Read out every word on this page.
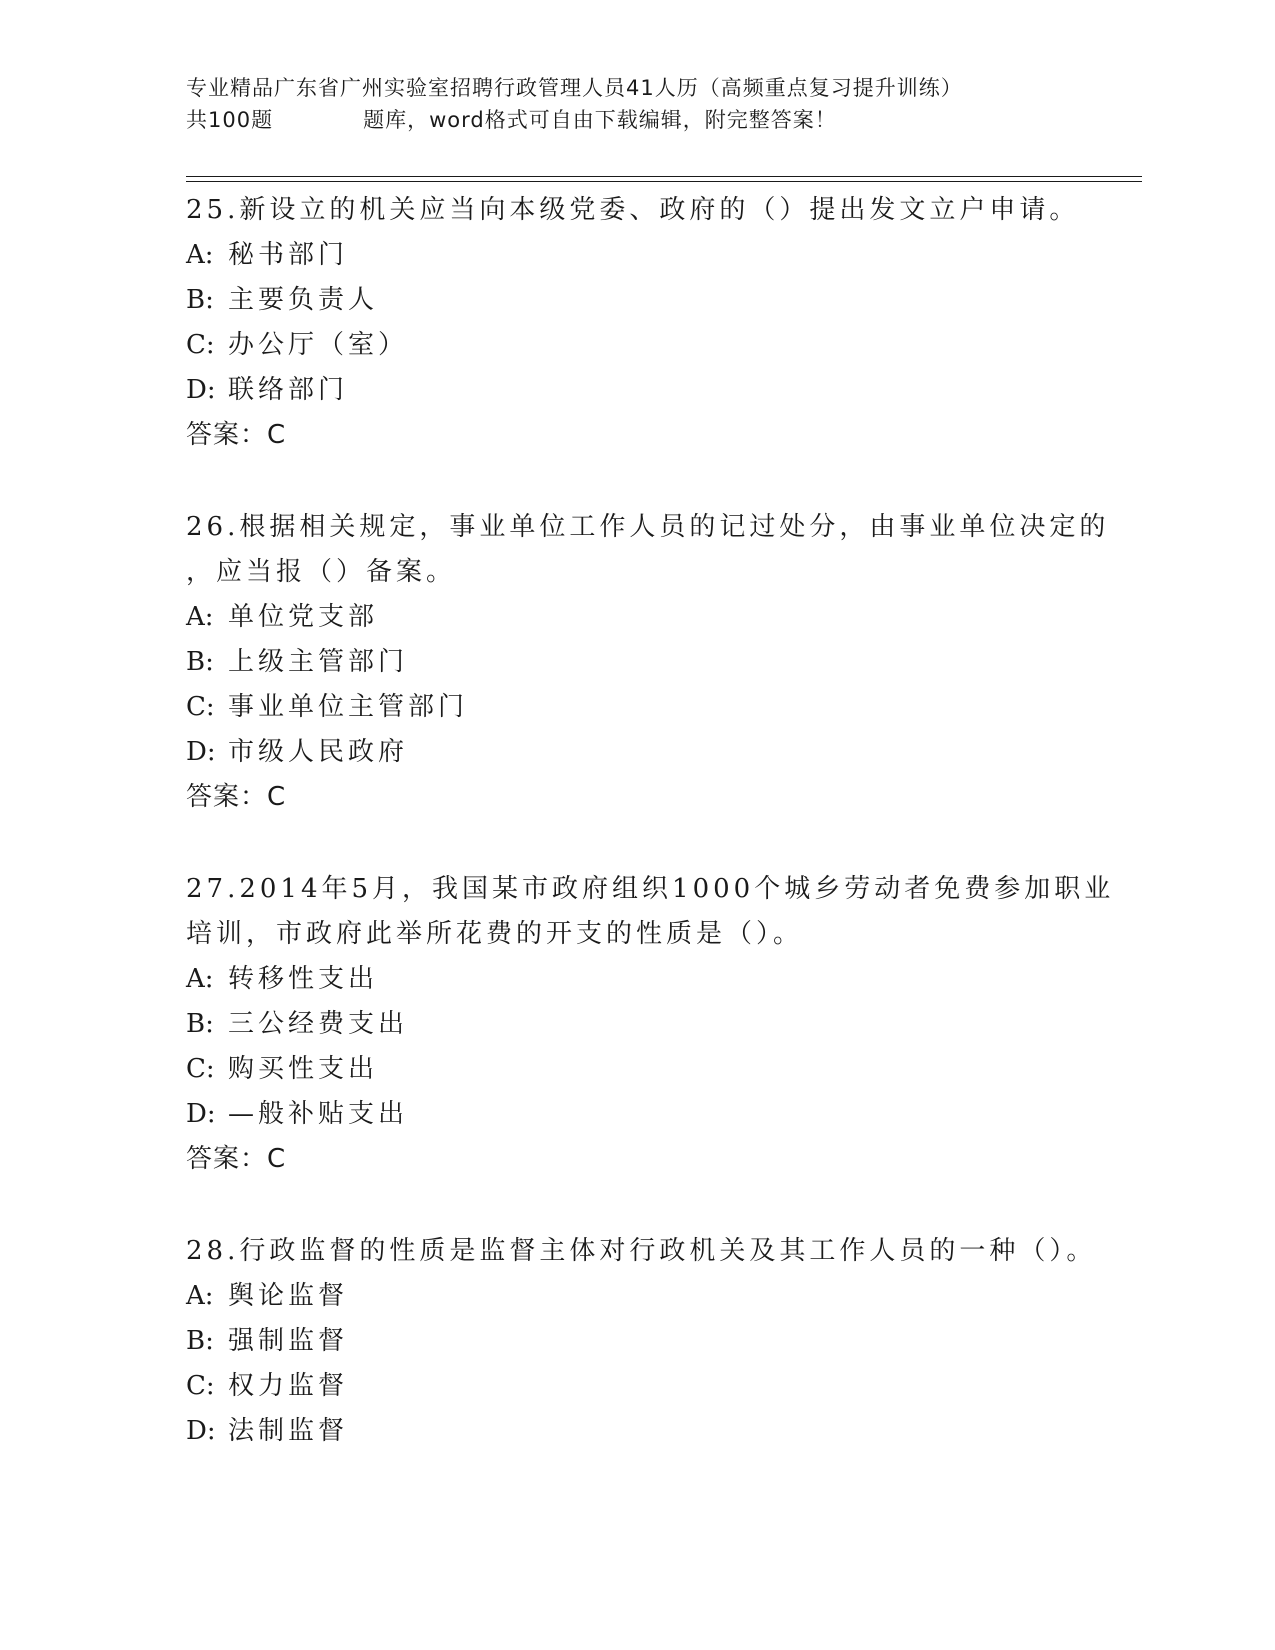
专业精品广东省广州实验室招聘行政管理人员41人历（高频重点复习提升训练）
共100题	题库，word格式可自由下载编辑，附完整答案！
25.新设立的机关应当向本级党委、政府的（）提出发文立户申请。
A: 秘书部门
B: 主要负责人
C: 办公厅（室）
D: 联络部门
答案：C
26.根据相关规定，事业单位工作人员的记过处分，由事业单位决定的
，应当报（）备案。
A: 单位党支部
B: 上级主管部门
C: 事业单位主管部门
D: 市级人民政府
答案：C
27.2014年5月，我国某市政府组织1000个城乡劳动者免费参加职业
培训，市政府此举所花费的开支的性质是（）。
A: 转移性支出
B: 三公经费支出
C: 购买性支出
D: —般补贴支出
答案：C
28.行政监督的性质是监督主体对行政机关及其工作人员的一种（）。
A: 舆论监督
B: 强制监督
C: 权力监督
D: 法制监督
